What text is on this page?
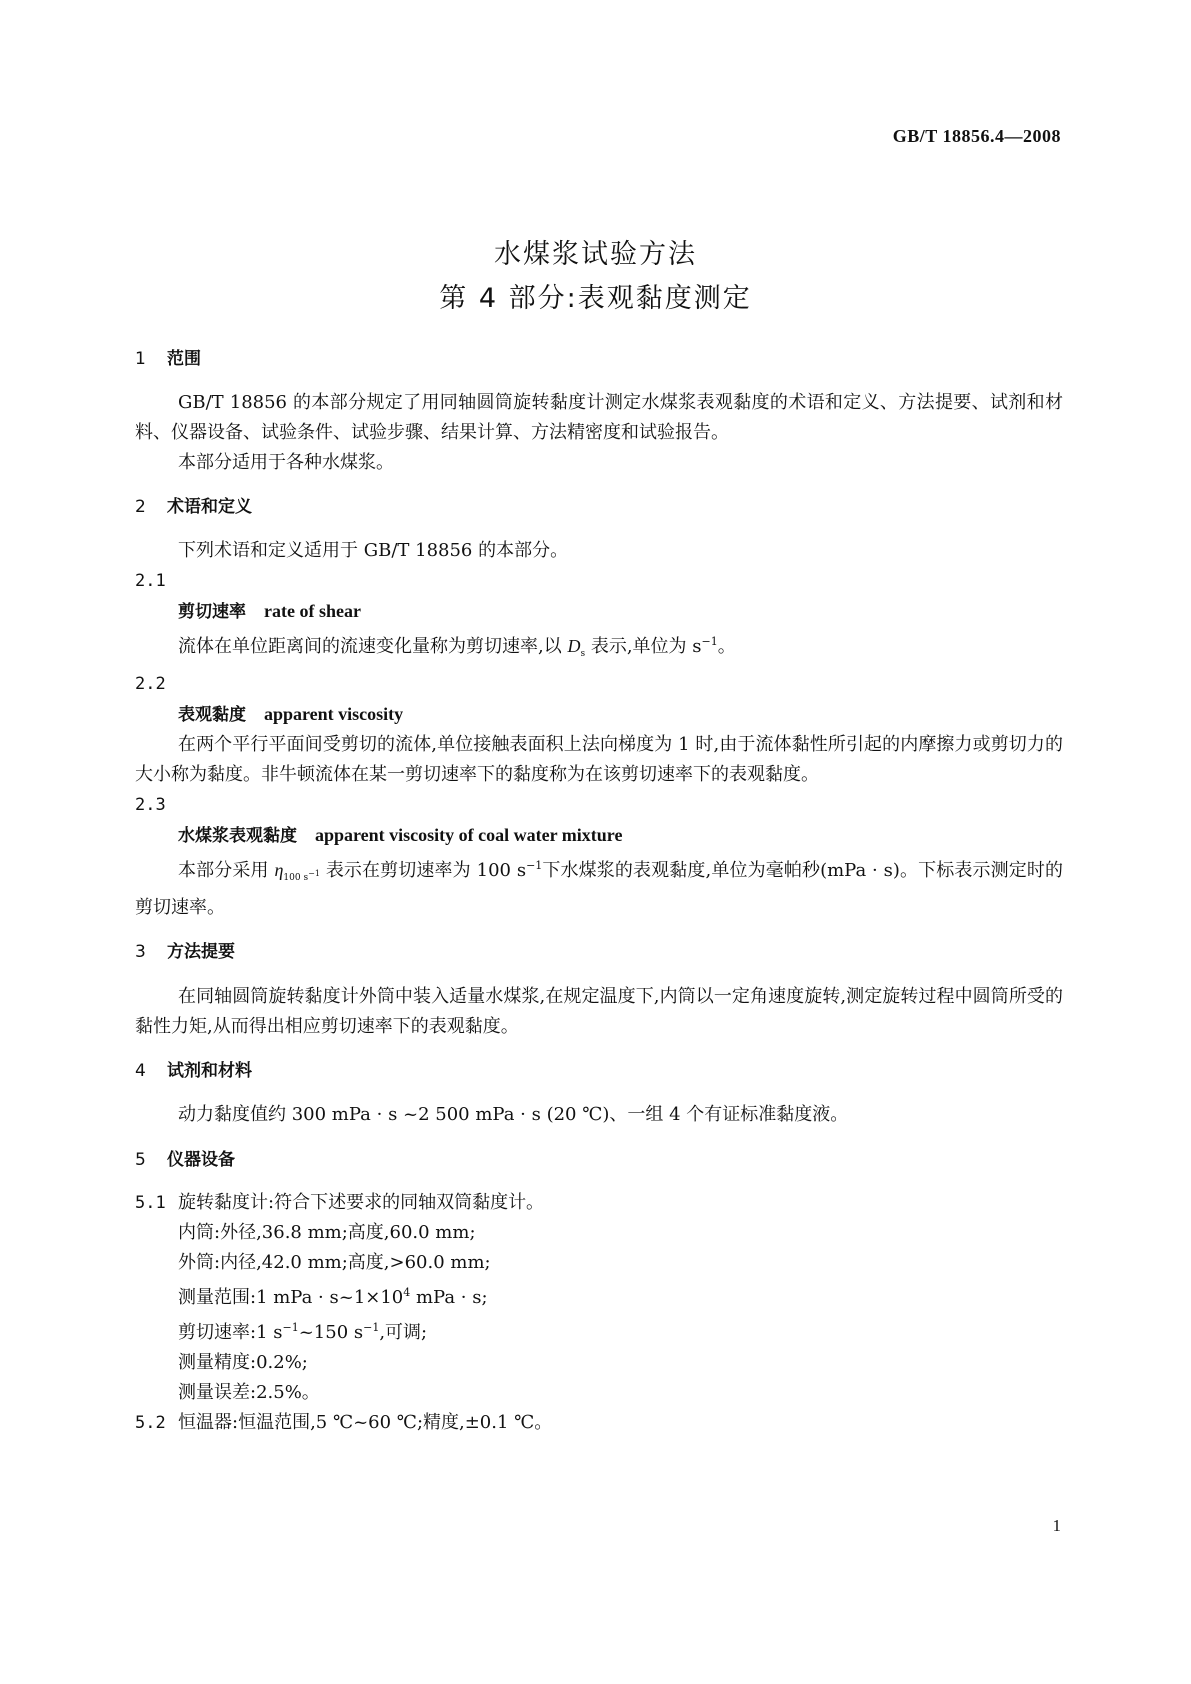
GB/T 18856.4—2008
水煤浆试验方法
第 4 部分:表观黏度测定
1 范围

GB/T 18856 的本部分规定了用同轴圆筒旋转黏度计测定水煤浆表观黏度的术语和定义、方法提要、试剂和材料、仪器设备、试验条件、试验步骤、结果计算、方法精密度和试验报告。

本部分适用于各种水煤浆。

2 术语和定义

下列术语和定义适用于 GB/T 18856 的本部分。

2.1
剪切速率 rate of shear

流体在单位距离间的流速变化量称为剪切速率,以 $D_s$ 表示,单位为 $s^{-1}$。

2.2
表观黏度 apparent viscosity

在两个平行平面间受剪切的流体,单位接触表面积上法向梯度为 1 时,由于流体黏性所引起的内摩擦力或剪切力的大小称为黏度。非牛顿流体在某一剪切速率下的黏度称为在该剪切速率下的表观黏度。

2.3
水煤浆表观黏度 apparent viscosity of coal water mixture

本部分采用 $\eta_{100 s-1}$ 表示在剪切速率为 100 $s^{-1}$下水煤浆的表观黏度,单位为毫帕秒(mPa · s)。下标表示测定时的剪切速率。

3 方法提要

在同轴圆筒旋转黏度计外筒中装入适量水煤浆,在规定温度下,内筒以一定角速度旋转,测定旋转过程中圆筒所受的黏性力矩,从而得出相应剪切速率下的表观黏度。

4 试剂和材料

动力黏度值约 300 mPa · s ~2 500 mPa · s (20 ℃)、一组 4 个有证标准黏度液。

5 仪器设备

5.1 旋转黏度计:符合下述要求的同轴双筒黏度计。

内筒:外径,36.8 mm;高度,60.0 mm;

外筒:内径,42.0 mm;高度,>60.0 mm;

测量范围:1 mPa · $s\sim 1\times 10^4$ mPa · s;

剪切速率:1 $s^{-1}\sim 150$ $s^{-1}$,可调;

测量精度:0.2%;

测量误差:2.5%。

5.2 恒温器:恒温范围,5 ℃~60 ℃;精度,±0.1 ℃。

1
